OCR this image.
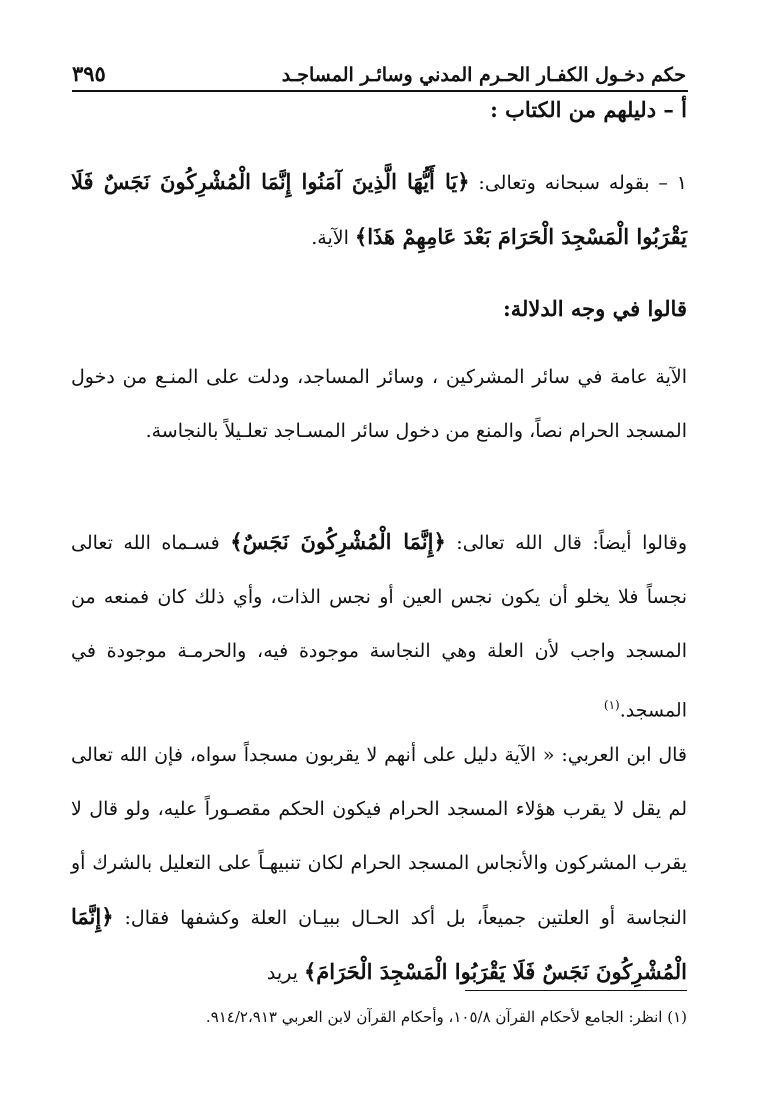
حكم دخـول الكفـار الحـرم المدني وسائـر المساجـد
٣٩٥
أ – دليلهم من الكتاب :
١ – بقوله سبحانه وتعالى: ﴿يَا أَيُّهَا الَّذِينَ آمَنُوا إِنَّمَا الْمُشْرِكُونَ نَجَسٌ فَلَا يَقْرَبُوا الْمَسْجِدَ الْحَرَامَ بَعْدَ عَامِهِمْ هَذَا﴾ الآية.
قالوا في وجه الدلالة:
الآية عامة في سائر المشركين ، وسائر المساجد، ودلت على المنـع من دخول المسجد الحرام نصاً، والمنع من دخول سائر المسـاجد تعلـيلاً بالنجاسة.
وقالوا أيضاً: قال الله تعالى: ﴿إِنَّمَا الْمُشْرِكُونَ نَجَسٌ﴾ فسـماه الله تعالى نجساً فلا يخلو أن يكون نجس العين أو نجس الذات، وأي ذلك كان فمنعه من المسجد واجب لأن العلة وهي النجاسة موجودة فيه، والحرمـة موجودة في المسجد.$^{(١)}$
قال ابن العربي: « الآية دليل على أنهم لا يقربون مسجداً سواه، فإن الله تعالى لم يقل لا يقرب هؤلاء المسجد الحرام فيكون الحكم مقصـوراً عليه، ولو قال لا يقرب المشركون والأنجاس المسجد الحرام لكان تنبيهـاً على التعليل بالشرك أو النجاسة أو العلتين جميعاً، بل أكد الحـال ببيـان العلة وكشفها فقال: ﴿إِنَّمَا الْمُشْرِكُونَ نَجَسٌ فَلَا يَقْرَبُوا الْمَسْجِدَ الْحَرَامَ﴾ يريد
(١) انظر: الجامع لأحكام القرآن ١٠٥/٨، وأحكام القرآن لابن العربي ٩١٤/٢،٩١٣.
